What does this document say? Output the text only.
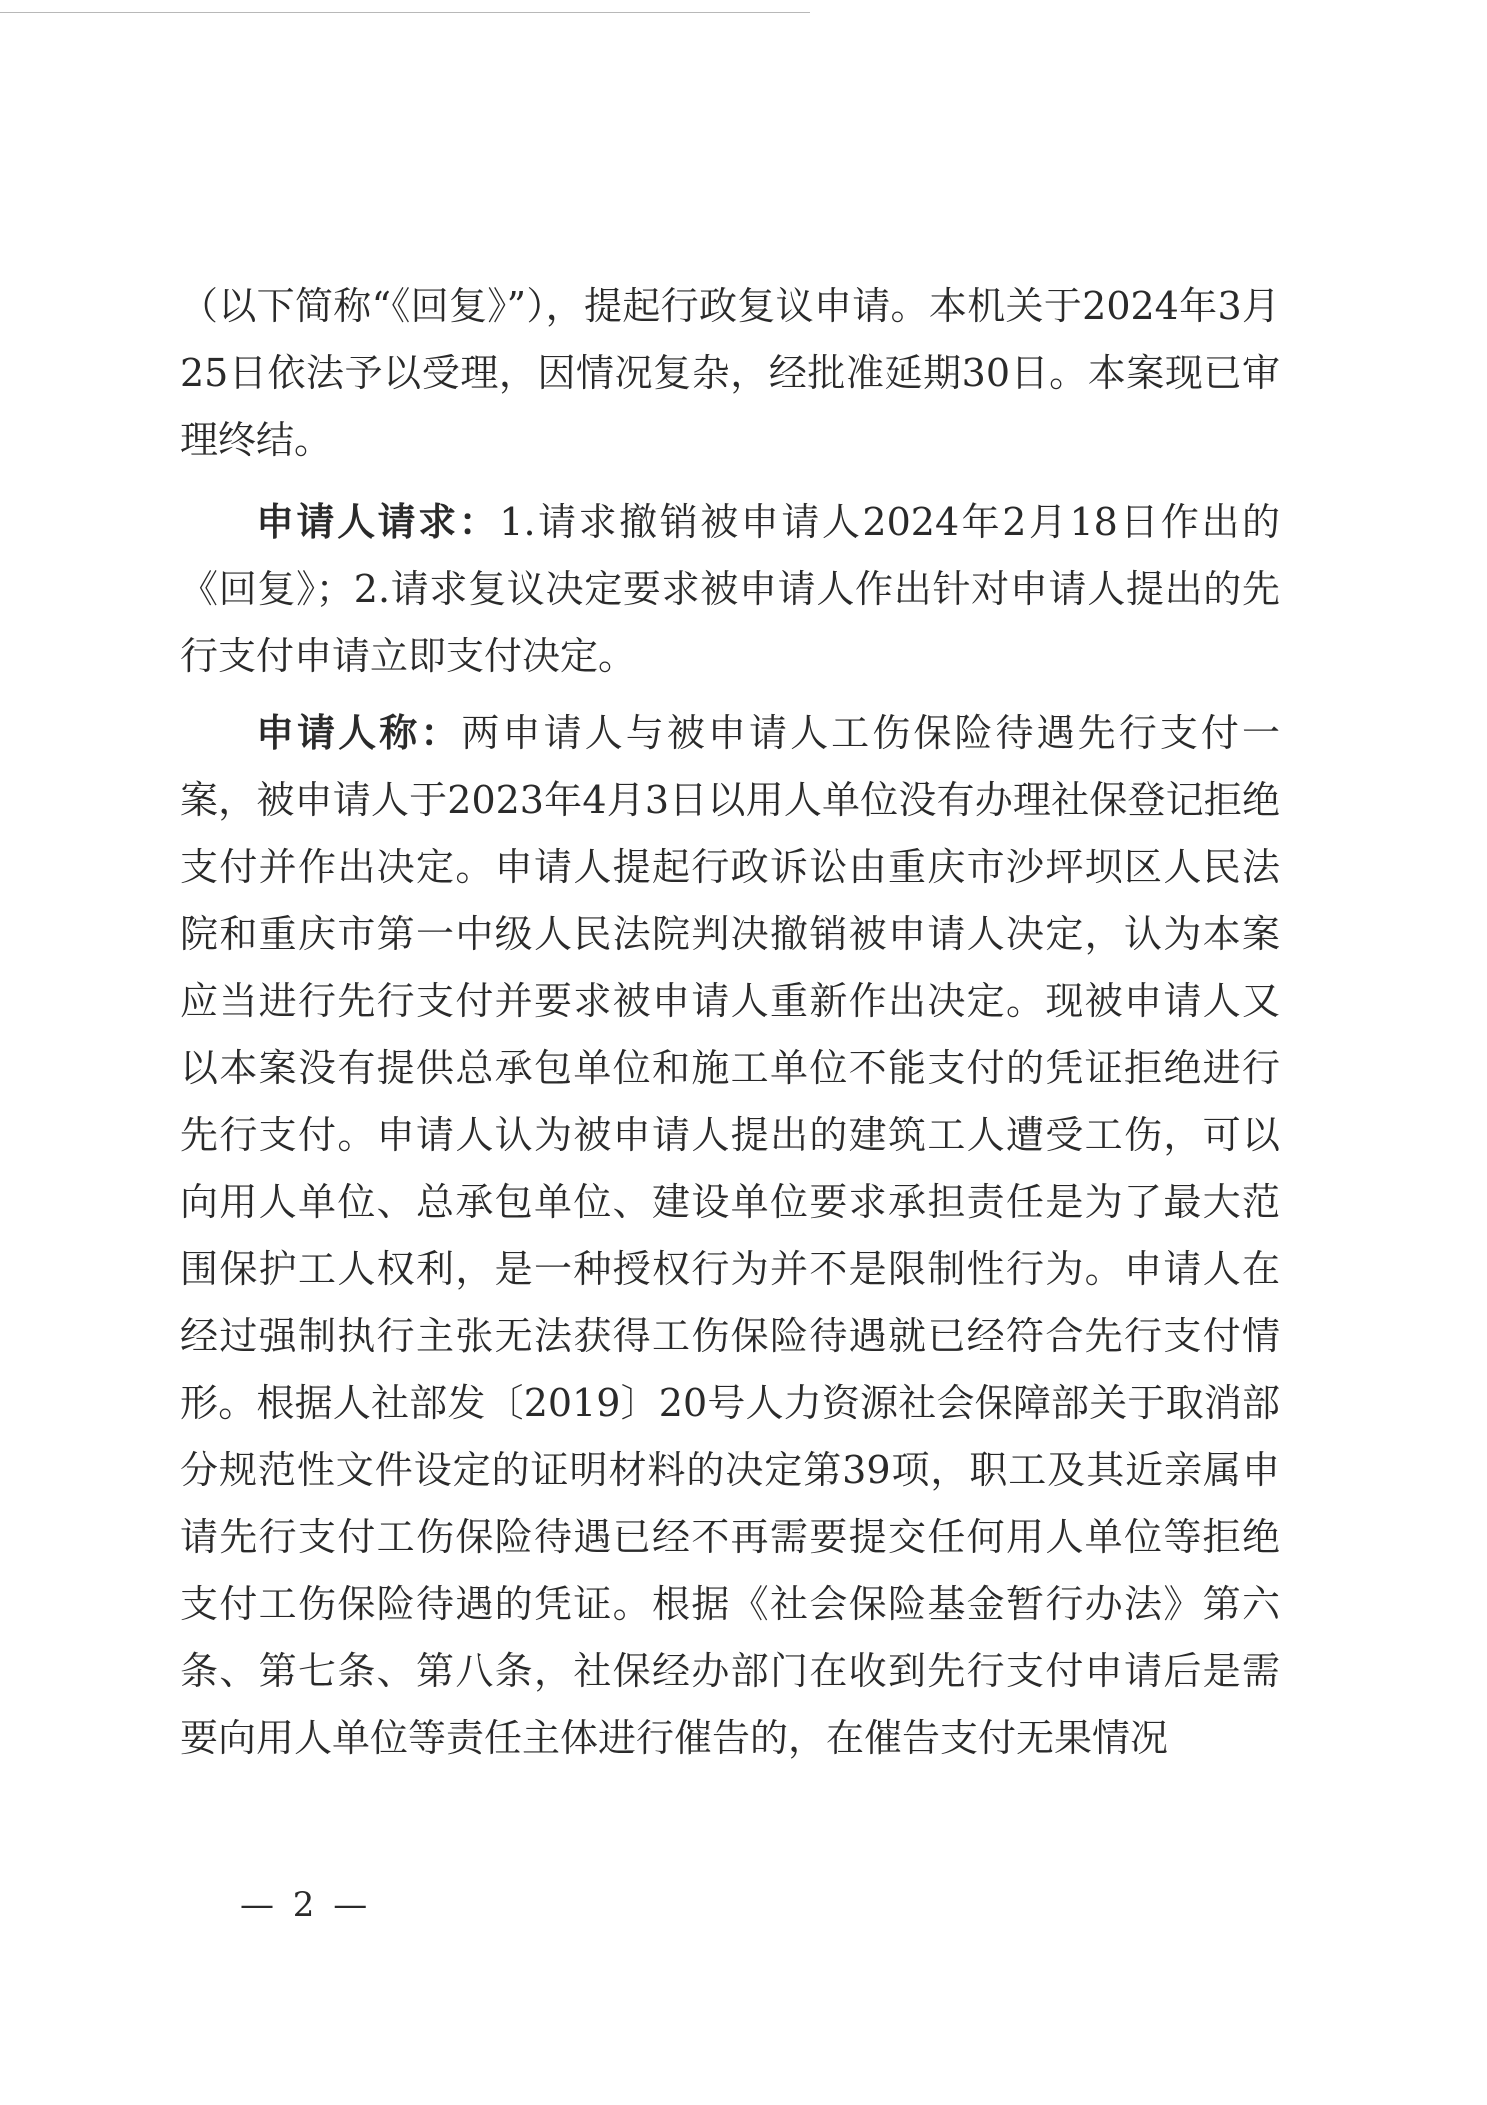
（以下简称“《回复》”），提起行政复议申请。本机关于2024年3月25日依法予以受理，因情况复杂，经批准延期30日。本案现已审理终结。

申请人请求：1.请求撤销被申请人2024年2月18日作出的《回复》；2.请求复议决定要求被申请人作出针对申请人提出的先行支付申请立即支付决定。

申请人称：两申请人与被申请人工伤保险待遇先行支付一案，被申请人于2023年4月3日以用人单位没有办理社保登记拒绝支付并作出决定。申请人提起行政诉讼由重庆市沙坪坝区人民法院和重庆市第一中级人民法院判决撤销被申请人决定，认为本案应当进行先行支付并要求被申请人重新作出决定。现被申请人又以本案没有提供总承包单位和施工单位不能支付的凭证拒绝进行先行支付。申请人认为被申请人提出的建筑工人遭受工伤，可以向用人单位、总承包单位、建设单位要求承担责任是为了最大范围保护工人权利，是一种授权行为并不是限制性行为。申请人在经过强制执行主张无法获得工伤保险待遇就已经符合先行支付情形。根据人社部发〔2019〕20号人力资源社会保障部关于取消部分规范性文件设定的证明材料的决定第39项，职工及其近亲属申请先行支付工伤保险待遇已经不再需要提交任何用人单位等拒绝支付工伤保险待遇的凭证。根据《社会保险基金暂行办法》第六条、第七条、第八条，社保经办部门在收到先行支付申请后是需要向用人单位等责任主体进行催告的，在催告支付无果情况

— 2 —
